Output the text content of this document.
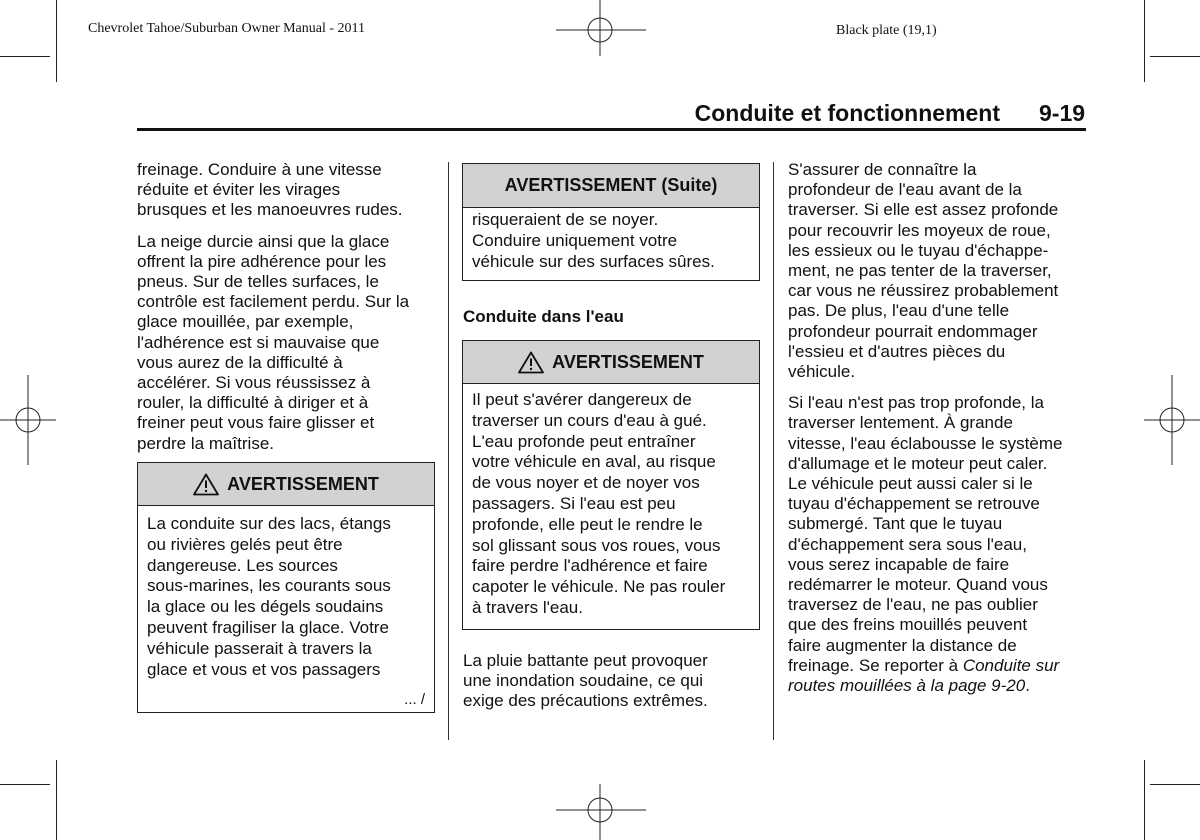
Chevrolet Tahoe/Suburban Owner Manual - 2011	Black plate (19,1)
Conduite et fonctionnement 9-19

freinage. Conduire à une vitesse
réduite et éviter les virages
brusques et les manoeuvres rudes.

La neige durcie ainsi que la glace
offrent la pire adhérence pour les
pneus. Sur de telles surfaces, le
contrôle est facilement perdu. Sur la
glace mouillée, par exemple,
l'adhérence est si mauvaise que
vous aurez de la difficulté à
accélérer. Si vous réussissez à
rouler, la difficulté à diriger et à
freiner peut vous faire glisser et
perdre la maîtrise.

AVERTISSEMENT
La conduite sur des lacs, étangs
ou rivières gelés peut être
dangereuse. Les sources
sous-marines, les courants sous
la glace ou les dégels soudains
peuvent fragiliser la glace. Votre
véhicule passerait à travers la
glace et vous et vos passagers
... /
AVERTISSEMENT (Suite)
risqueraient de se noyer.
Conduire uniquement votre
véhicule sur des surfaces sûres.
Conduite dans l'eau
AVERTISSEMENT
Il peut s'avérer dangereux de
traverser un cours d'eau à gué.
L'eau profonde peut entraîner
votre véhicule en aval, au risque
de vous noyer et de noyer vos
passagers. Si l'eau est peu
profonde, elle peut le rendre le
sol glissant sous vos roues, vous
faire perdre l'adhérence et faire
capoter le véhicule. Ne pas rouler
à travers l'eau.

La pluie battante peut provoquer
une inondation soudaine, ce qui
exige des précautions extrêmes.

S'assurer de connaître la
profondeur de l'eau avant de la
traverser. Si elle est assez profonde
pour recouvrir les moyeux de roue,
les essieux ou le tuyau d'échappe-
ment, ne pas tenter de la traverser,
car vous ne réussirez probablement
pas. De plus, l'eau d'une telle
profondeur pourrait endommager
l'essieu et d'autres pièces du
véhicule.

Si l'eau n'est pas trop profonde, la
traverser lentement. À grande
vitesse, l'eau éclabousse le système
d'allumage et le moteur peut caler.
Le véhicule peut aussi caler si le
tuyau d'échappement se retrouve
submergé. Tant que le tuyau
d'échappement sera sous l'eau,
vous serez incapable de faire
redémarrer le moteur. Quand vous
traversez de l'eau, ne pas oublier
que des freins mouillés peuvent
faire augmenter la distance de
freinage. Se reporter à Conduite sur
routes mouillées à la page 9-20.
